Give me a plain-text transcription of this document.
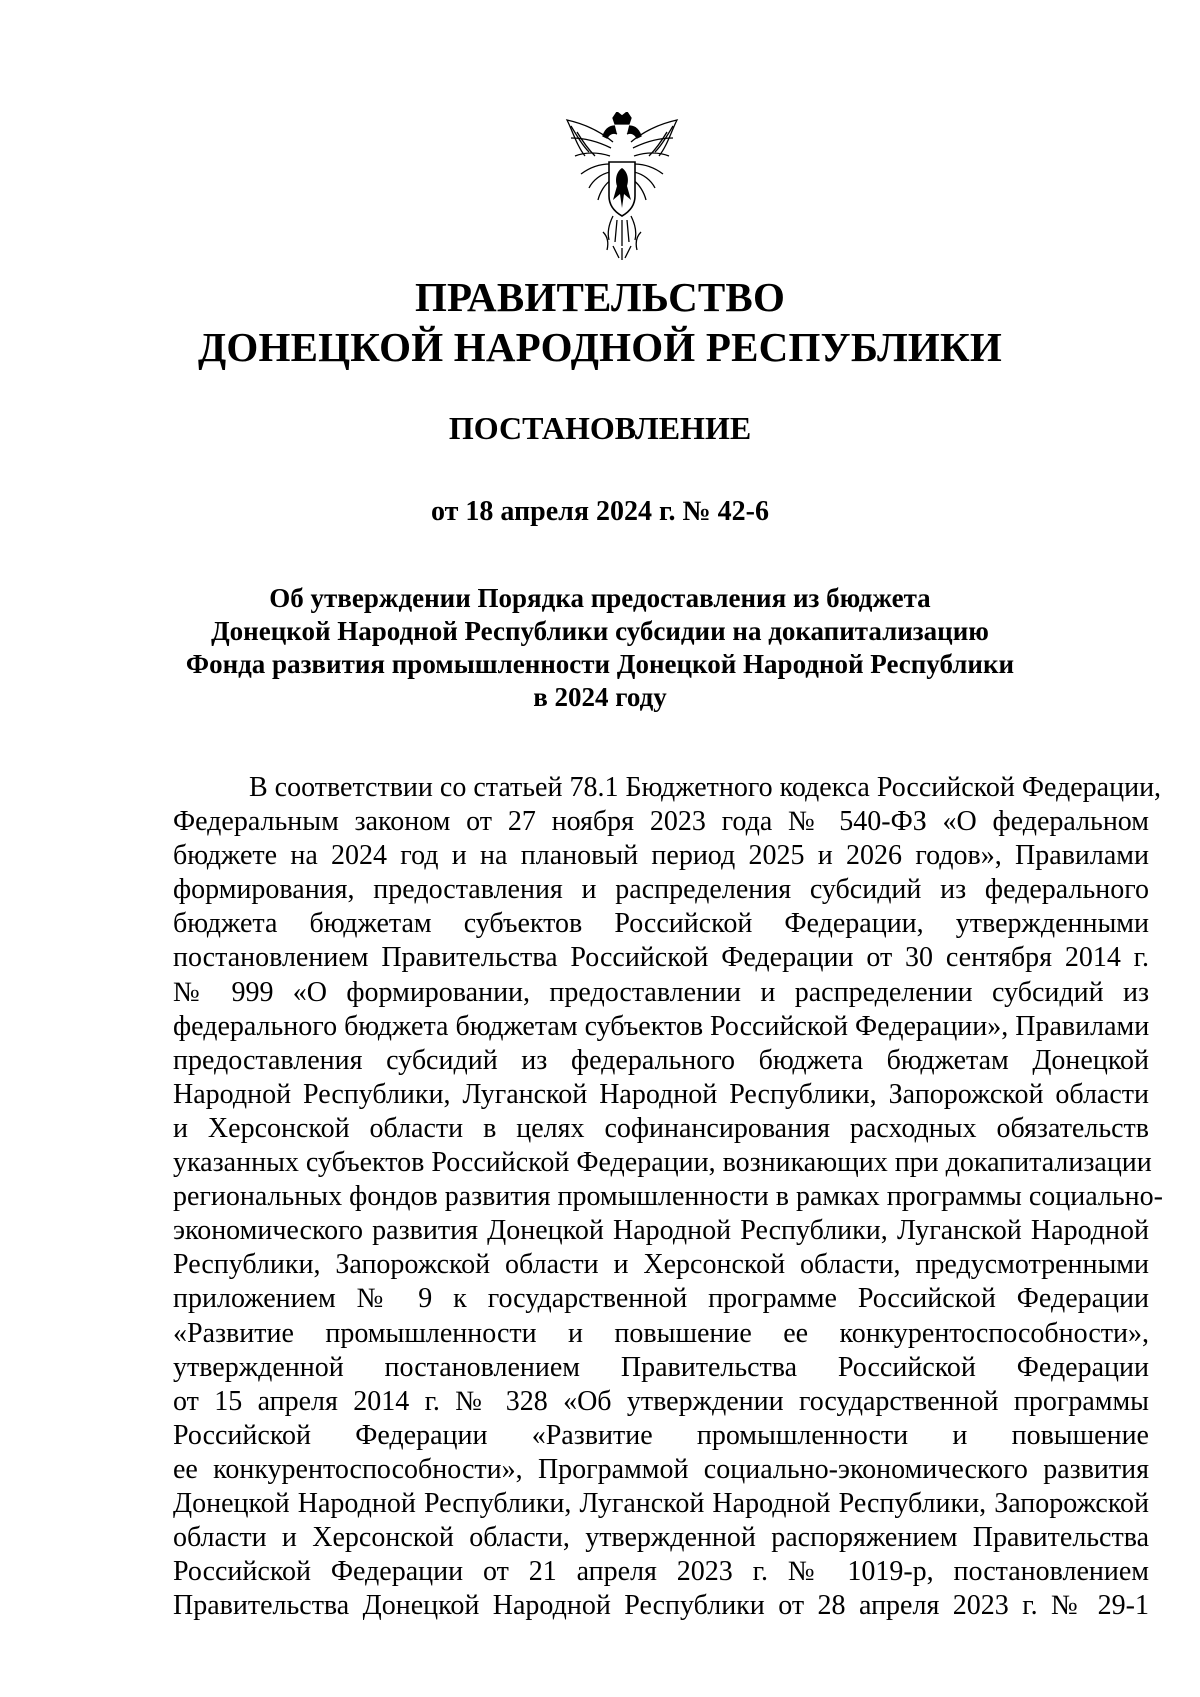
ПРАВИТЕЛЬСТВО
ДОНЕЦКОЙ НАРОДНОЙ РЕСПУБЛИКИ
ПОСТАНОВЛЕНИЕ
от 18 апреля 2024 г. № 42-6
Об утверждении Порядка предоставления из бюджета
Донецкой Народной Республики субсидии на докапитализацию
Фонда развития промышленности Донецкой Народной Республики
в 2024 году
В соответствии со статьей 78.1 Бюджетного кодекса Российской Федерации,
Федеральным законом от 27 ноября 2023 года № 540-ФЗ «О федеральном
бюджете на 2024 год и на плановый период 2025 и 2026 годов», Правилами
формирования, предоставления и распределения субсидий из федерального
бюджета бюджетам субъектов Российской Федерации, утвержденными
постановлением Правительства Российской Федерации от 30 сентября 2014 г.
№ 999 «О формировании, предоставлении и распределении субсидий из
федерального бюджета бюджетам субъектов Российской Федерации», Правилами
предоставления субсидий из федерального бюджета бюджетам Донецкой
Народной Республики, Луганской Народной Республики, Запорожской области
и Херсонской области в целях софинансирования расходных обязательств
указанных субъектов Российской Федерации, возникающих при докапитализации
региональных фондов развития промышленности в рамках программы социально-
экономического развития Донецкой Народной Республики, Луганской Народной
Республики, Запорожской области и Херсонской области, предусмотренными
приложением № 9 к государственной программе Российской Федерации
«Развитие промышленности и повышение ее конкурентоспособности»,
утвержденной постановлением Правительства Российской Федерации
от 15 апреля 2014 г. № 328 «Об утверждении государственной программы
Российской Федерации «Развитие промышленности и повышение
ее конкурентоспособности», Программой социально-экономического развития
Донецкой Народной Республики, Луганской Народной Республики, Запорожской
области и Херсонской области, утвержденной распоряжением Правительства
Российской Федерации от 21 апреля 2023 г. № 1019-р, постановлением
Правительства Донецкой Народной Республики от 28 апреля 2023 г. № 29-1
